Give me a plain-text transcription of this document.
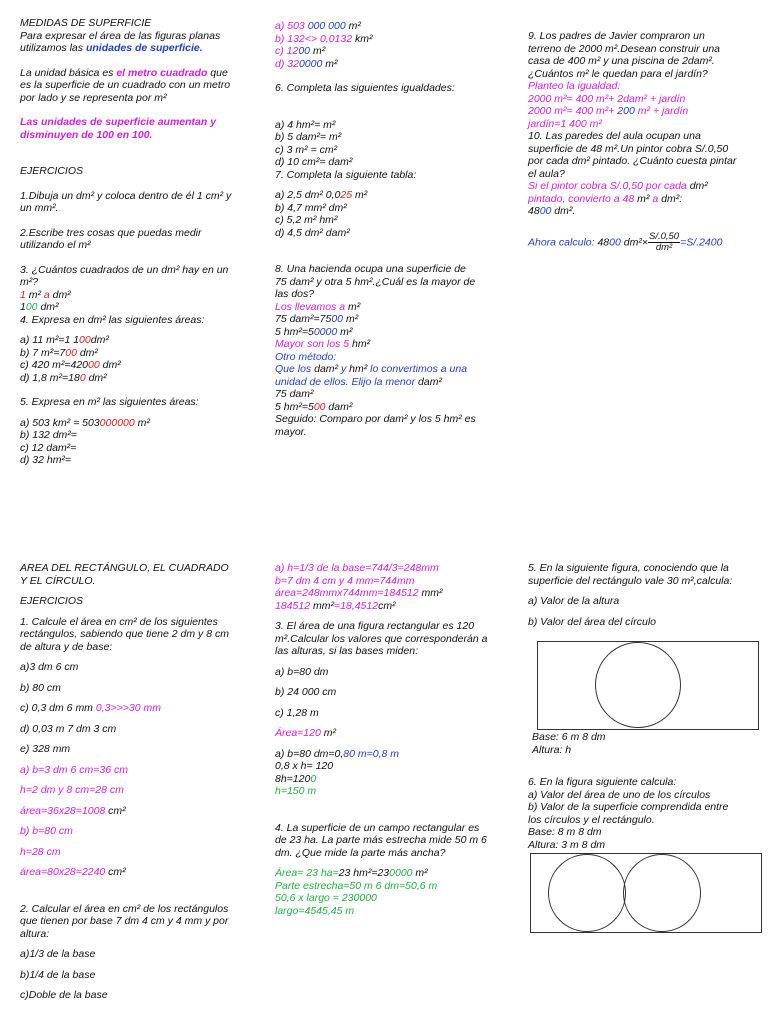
MEDIDAS DE SUPERFICIE
Para expresar el área de las figuras planas
utilizamos las unidades de superficie.
La unidad básica es el metro cuadrado que
es la superficie de un cuadrado con un metro
por lado y se representa por m²
Las unidades de superficie aumentan y
disminuyen de 100 en 100.
EJERCICIOS
1.Dibuja un dm² y coloca dentro de él 1 cm² y
un mm².
2.Escribe tres cosas que puedas medir
utilizando el m²
3. ¿Cuántos cuadrados de un dm² hay en un
m²?
1 m² a dm²
100 dm²
4. Expresa en dm² las siguientes áreas:
a) 11 m²=1 100dm²
b) 7 m²=700 dm²
c) 420 m²=42000 dm²
d) 1,8 m²=180 dm²
5. Expresa en m² las siguientes áreas:
a) 503 km² = 503000000 m²
b) 132 dm²=
c) 12 dam²=
d) 32 hm²=
a) 503 000 000 m²
b) 132<> 0,0132 km²
c) 1200 m²
d) 320000 m²
6. Completa las siguientes igualdades:
a) 4 hm²= m²
b) 5 dam²= m²
c) 3 m² = cm²
d) 10 cm²= dam²
7. Completa la siguiente tabla:
a) 2,5 dm² 0,025 m²
b) 4,7 mm² dm²
c) 5,2 m² hm²
d) 4,5 dm² dam²
8. Una hacienda ocupa una superficie de
75 dam² y otra 5 hm².¿Cuál es la mayor de
las dos?
Los llevamos a m²
75 dam²=7500 m²
5 hm²=50000 m²
Mayor son los 5 hm²
Otro método:
Que los dam² y hm² lo convertimos a una
unidad de ellos. Elijo la menor dam²
75 dam²
5 hm²=500 dam²
Seguido: Comparo por dam² y los 5 hm² es
mayor.
9. Los padres de Javier compraron un
terreno de 2000 m².Desean construir una
casa de 400 m² y una piscina de 2dam².
¿Cuántos m² le quedan para el jardín?
Planteo la igualdad:
2000 m²= 400 m²+ 2dam² + jardín
2000 m²= 400 m²+ 200 m² + jardín
jardín=1 400 m²
10. Las paredes del aula ocupan una
superficie de 48 m².Un pintor cobra S/.0,50
por cada dm² pintado. ¿Cuánto cuesta pintar
el aula?
Si el pintor cobra S/.0,50 por cada dm²
pintado, convierto a 48 m² a dm²:
4800 dm².
Ahora calculo: 4800 $dm^2\times \frac{S/.0,50}{\text{dm²}}=S/.2400$
AREA DEL RECTÁNGULO, EL CUADRADO
Y EL CÍRCULO.
EJERCICIOS
1. Calcule el área en cm² de los siguientes
rectángulos, sabiendo que tiene 2 dm y 8 cm
de altura y de base:
a)3 dm 6 cm
b) 80 cm
c) 0,3 dm 6 mm 0,3>>>30 mm
d) 0,03 m 7 dm 3 cm
e) 328 mm
a) b=3 dm 6 cm=36 cm
h=2 dm y 8 cm=28 cm
área=36x28=1008 cm²
b) b=80 cm
h=28 cm
área=80x28=2240 cm²
2. Calcular el área en cm² de los rectángulos
que tienen por base 7 dm 4 cm y 4 mm y por
altura:
a)1/3 de la base
b)1/4 de la base
c)Doble de la base
a) h=1/3 de la base=744/3=248mm
b=7 dm 4 cm y 4 mm=744mm
área=248mmx744mm=184512 mm²
184512 mm²=18,4512cm²
3. El área de una figura rectangular es 120
m².Calcular los valores que corresponderán a
las alturas, si las bases miden:
a) b=80 dm
b) 24 000 cm
c) 1,28 m
Área=120 m²
a) b=80 dm=0,80 m=0,8 m
0,8 x h= 120
8h=1200
h=150 m
4. La superficie de un campo rectangular es
de 23 ha. La parte más estrecha mide 50 m 6
dm. ¿Que mide la parte más ancha?
Área= 23 ha=23 hm²=230000 m²
Parte estrecha=50 m 6 dm=50,6 m
50,6 x largo = 230000
largo=4545,45 m
5. En la siguiente figura, conociendo que la
superficie del rectángulo vale 30 m²,calcula:
a) Valor de la altura
b) Valor del área del círculo
Base: 6 m 8 dm
Altura: h
6. En la figura siguiente calcula:
a) Valor del área de uno de los círculos
b) Valor de la superficie comprendida entre
los círculos y el rectángulo.
Base: 8 m 8 dm
Altura: 3 m 8 dm
